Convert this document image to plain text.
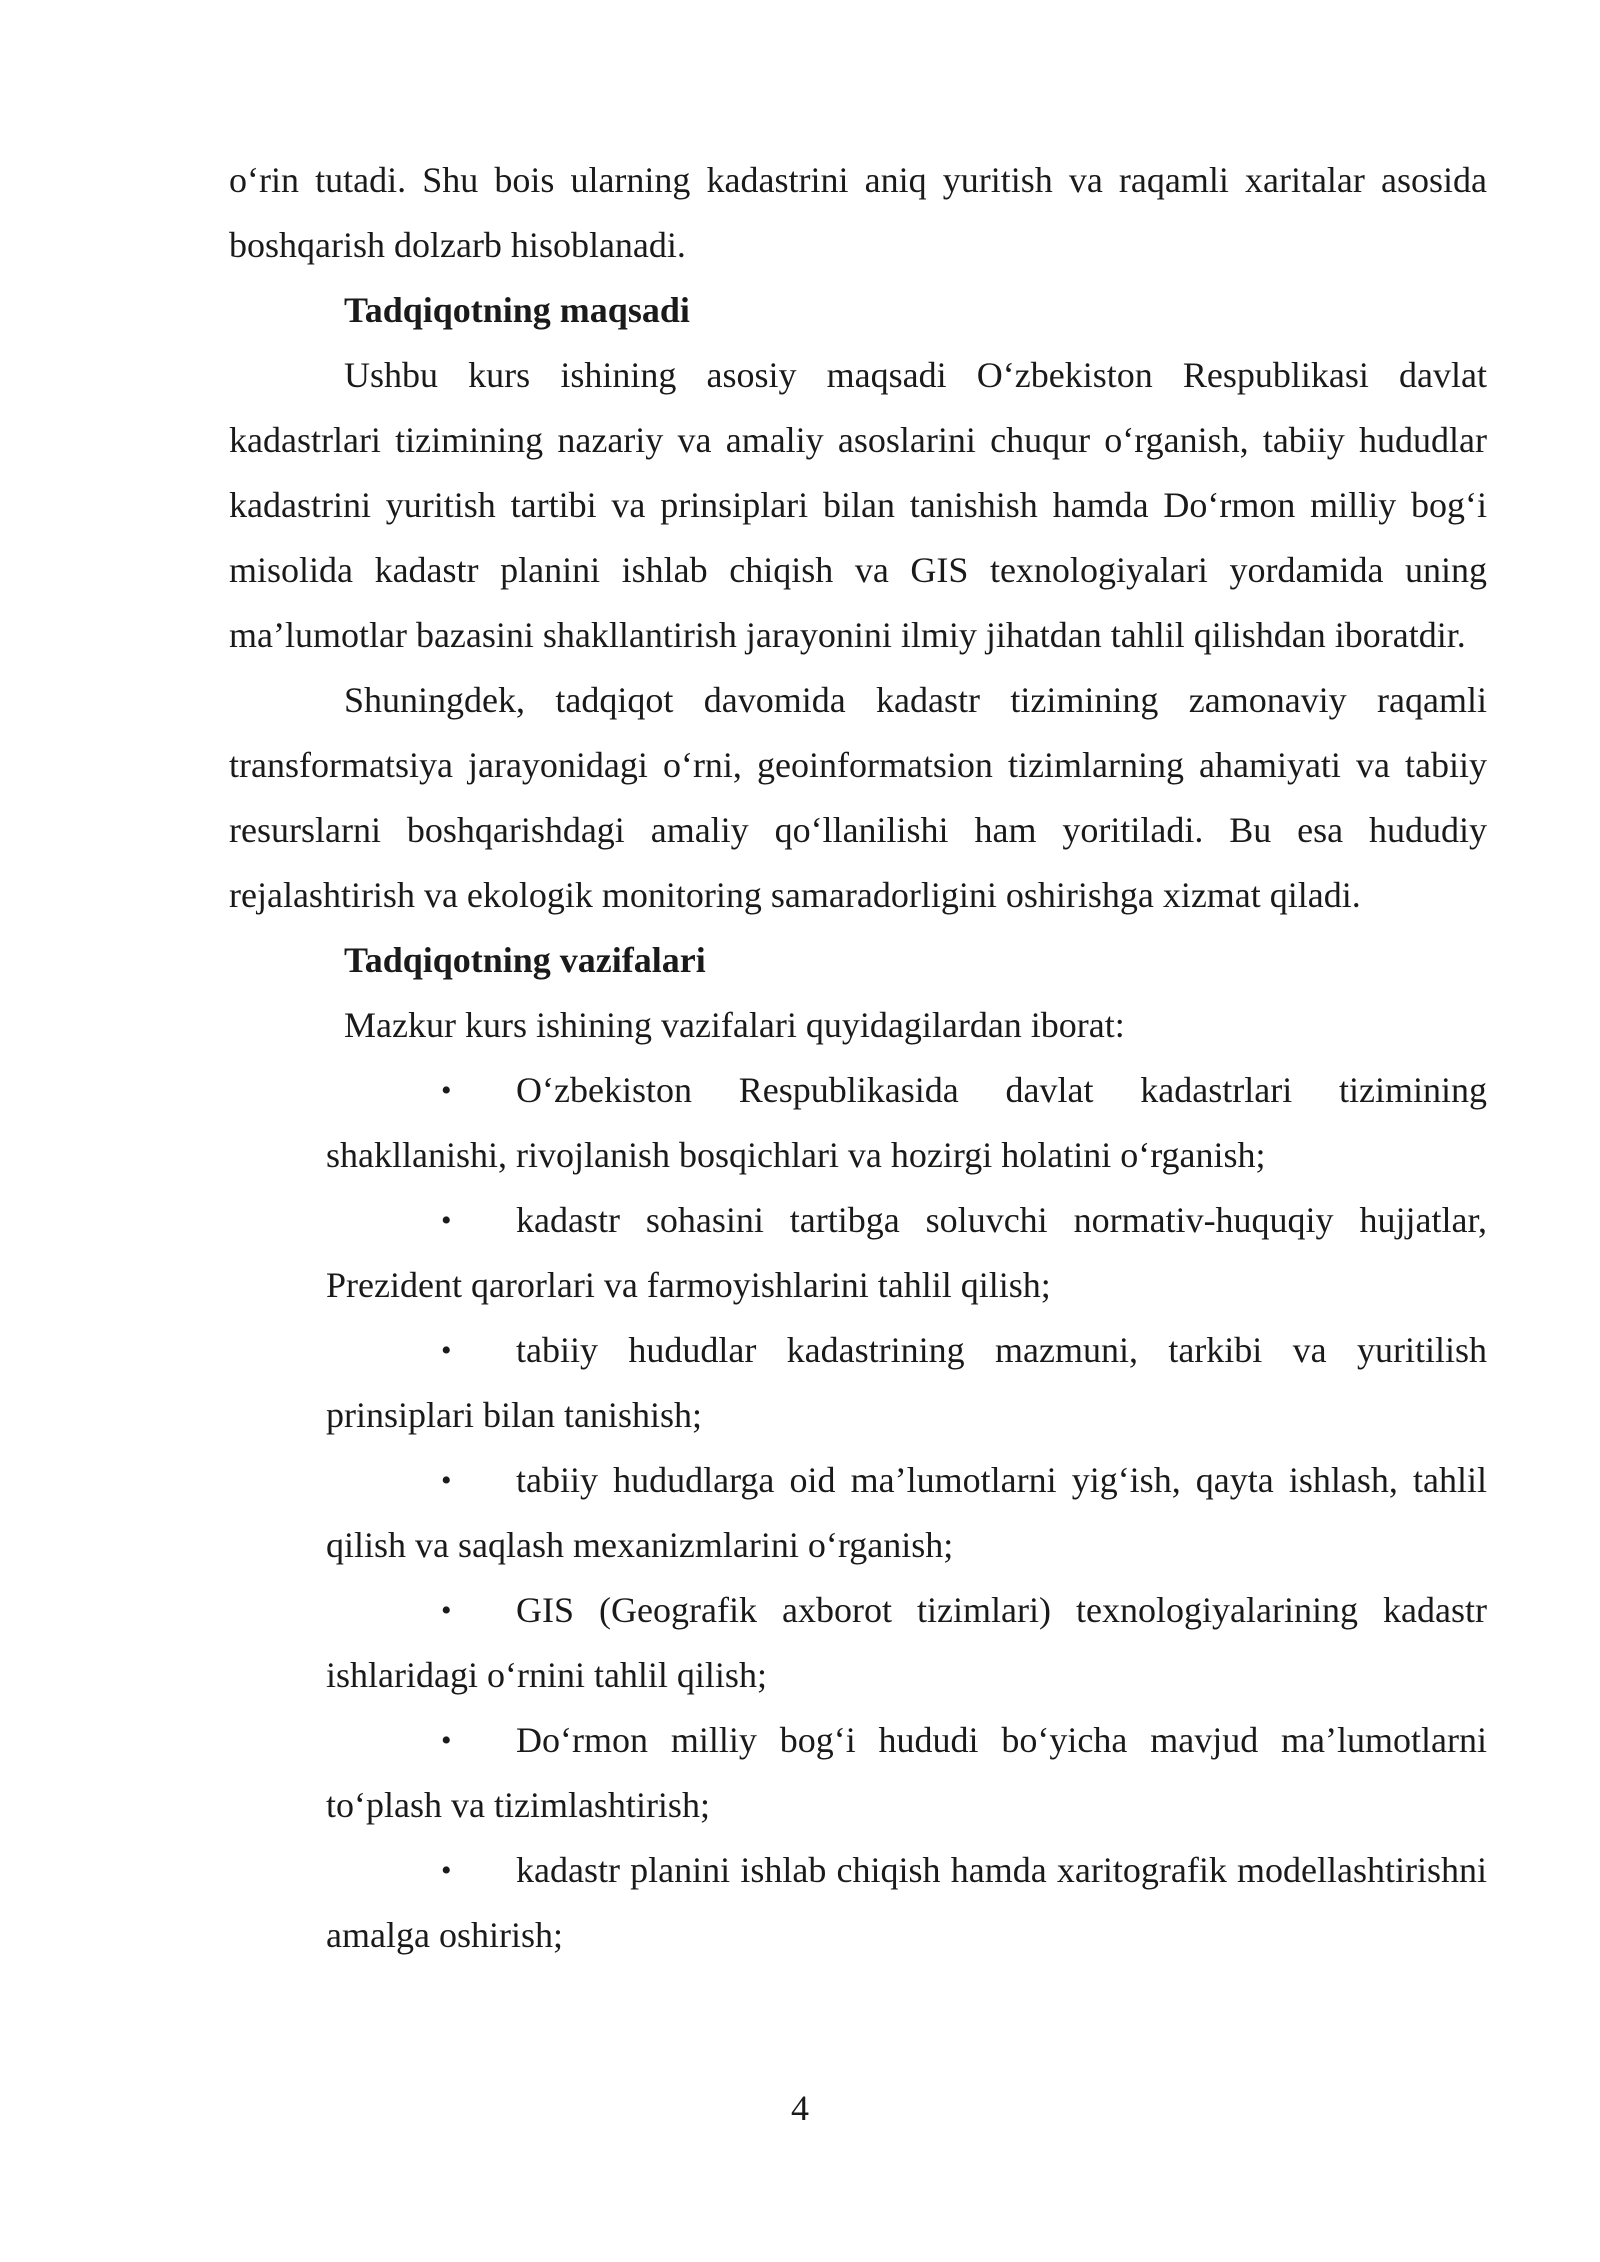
o‘rin tutadi. Shu bois ularning kadastrini aniq yuritish va raqamli xaritalar asosida boshqarish dolzarb hisoblanadi.

Tadqiqotning maqsadi

Ushbu kurs ishining asosiy maqsadi O‘zbekiston Respublikasi davlat kadastrlari tizimining nazariy va amaliy asoslarini chuqur o‘rganish, tabiiy hududlar kadastrini yuritish tartibi va prinsiplari bilan tanishish hamda Do‘rmon milliy bog‘i misolida kadastr planini ishlab chiqish va GIS texnologiyalari yordamida uning ma’lumotlar bazasini shakllantirish jarayonini ilmiy jihatdan tahlil qilishdan iboratdir.

Shuningdek, tadqiqot davomida kadastr tizimining zamonaviy raqamli transformatsiya jarayonidagi o‘rni, geoinformatsion tizimlarning ahamiyati va tabiiy resurslarni boshqarishdagi amaliy qo‘llanilishi ham yoritiladi. Bu esa hududiy rejalashtirish va ekologik monitoring samaradorligini oshirishga xizmat qiladi.

Tadqiqotning vazifalari

Mazkur kurs ishining vazifalari quyidagilardan iborat:

• O‘zbekiston Respublikasida davlat kadastrlari tizimining shakllanishi, rivojlanish bosqichlari va hozirgi holatini o‘rganish;
• kadastr sohasini tartibga soluvchi normativ-huquqiy hujjatlar, Prezident qarorlari va farmoyishlarini tahlil qilish;
• tabiiy hududlar kadastrining mazmuni, tarkibi va yuritilish prinsiplari bilan tanishish;
• tabiiy hududlarga oid ma’lumotlarni yig‘ish, qayta ishlash, tahlil qilish va saqlash mexanizmlarini o‘rganish;
• GIS (Geografik axborot tizimlari) texnologiyalarining kadastr ishlaridagi o‘rnini tahlil qilish;
• Do‘rmon milliy bog‘i hududi bo‘yicha mavjud ma’lumotlarni to‘plash va tizimlashtirish;
• kadastr planini ishlab chiqish hamda xaritografik modellashtirishni amalga oshirish;
4
